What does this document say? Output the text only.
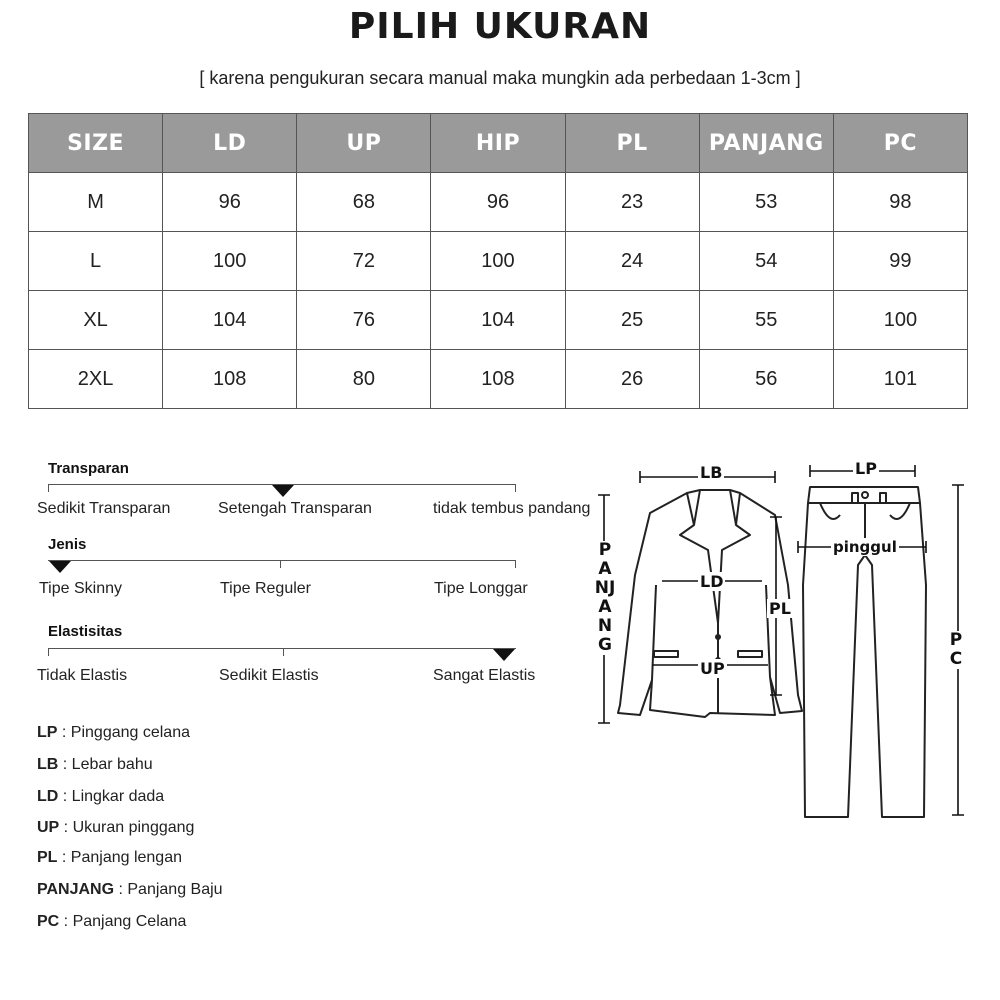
PILIH UKURAN
[ karena pengukuran secara manual maka mungkin ada perbedaan 1-3cm ]
SIZE	LD	UP	HIP	PL	PANJANG	PC
M	96	68	96	23	53	98
L	100	72	100	24	54	99
XL	104	76	104	25	55	100
2XL	108	80	108	26	56	101
Transparan
Sedikit Transparan	Setengah Transparan	tidak tembus pandang
Jenis
Tipe Skinny	Tipe Reguler	Tipe Longgar
Elastisitas
Tidak Elastis	Sedikit Elastis	Sangat Elastis
LP : Pinggang celana
LB : Lebar bahu
LD : Lingkar dada
UP : Ukuran pinggang
PL : Panjang lengan
PANJANG : Panjang Baju
PC : Panjang Celana
LB	LP
pinggul
LD
UP
PL
PANJANG	PC
